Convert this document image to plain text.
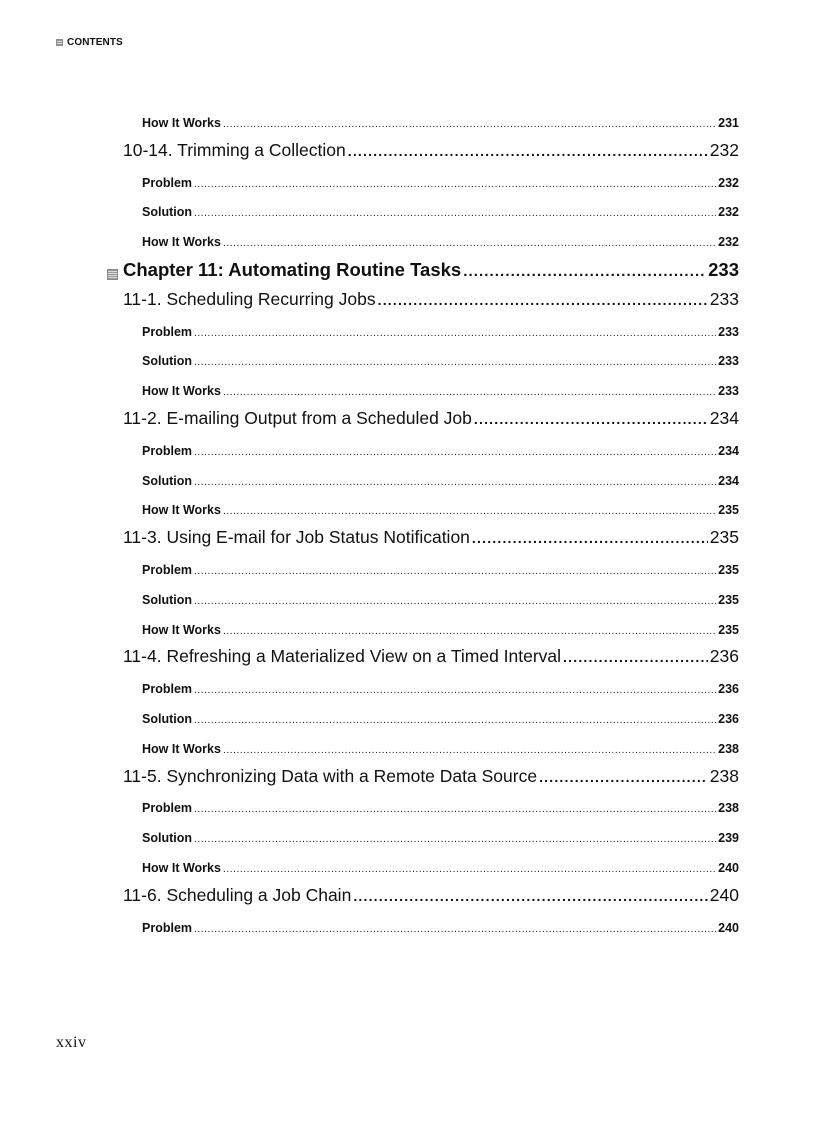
CONTENTS
How It Works .....	231
10-14. Trimming a Collection .....	232
Problem .....	232
Solution .....	232
How It Works .....	232
Chapter 11: Automating Routine Tasks .....	233
11-1. Scheduling Recurring Jobs .....	233
Problem .....	233
Solution .....	233
How It Works .....	233
11-2. E-mailing Output from a Scheduled Job .....	234
Problem .....	234
Solution .....	234
How It Works .....	235
11-3. Using E-mail for Job Status Notification .....	235
Problem .....	235
Solution .....	235
How It Works .....	235
11-4. Refreshing a Materialized View on a Timed Interval .....	236
Problem .....	236
Solution .....	236
How It Works .....	238
11-5. Synchronizing Data with a Remote Data Source .....	238
Problem .....	238
Solution .....	239
How It Works .....	240
11-6. Scheduling a Job Chain .....	240
Problem .....	240
xxiv
